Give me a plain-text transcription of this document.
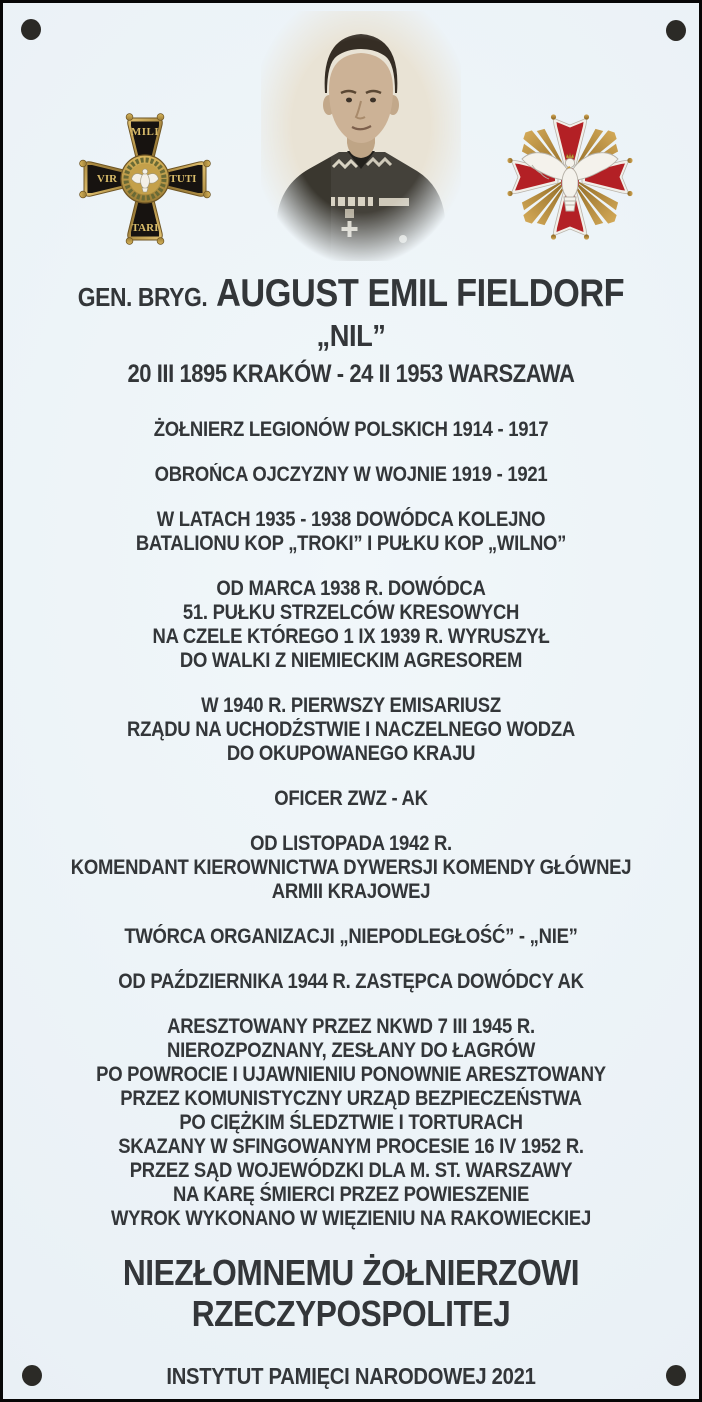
MILI
VIR	TUTI
TARI
GEN. BRYG. AUGUST EMIL FIELDORF
„NIL”
20 III 1895 KRAKÓW - 24 II 1953 WARSZAWA
ŻOŁNIERZ LEGIONÓW POLSKICH 1914 - 1917
OBROŃCA OJCZYZNY W WOJNIE 1919 - 1921
W LATACH 1935 - 1938 DOWÓDCA KOLEJNO
BATALIONU KOP „TROKI” I PUŁKU KOP „WILNO”
OD MARCA 1938 R. DOWÓDCA
51. PUŁKU STRZELCÓW KRESOWYCH
NA CZELE KTÓREGO 1 IX 1939 R. WYRUSZYŁ
DO WALKI Z NIEMIECKIM AGRESOREM
W 1940 R. PIERWSZY EMISARIUSZ
RZĄDU NA UCHODŹSTWIE I NACZELNEGO WODZA
DO OKUPOWANEGO KRAJU
OFICER ZWZ - AK
OD LISTOPADA 1942 R.
KOMENDANT KIEROWNICTWA DYWERSJI KOMENDY GŁÓWNEJ
ARMII KRAJOWEJ
TWÓRCA ORGANIZACJI „NIEPODLEGŁOŚĆ” - „NIE”
OD PAŹDZIERNIKA 1944 R. ZASTĘPCA DOWÓDCY AK
ARESZTOWANY PRZEZ NKWD 7 III 1945 R.
NIEROZPOZNANY, ZESŁANY DO ŁAGRÓW
PO POWROCIE I UJAWNIENIU PONOWNIE ARESZTOWANY
PRZEZ KOMUNISTYCZNY URZĄD BEZPIECZEŃSTWA
PO CIĘŻKIM ŚLEDZTWIE I TORTURACH
SKAZANY W SFINGOWANYM PROCESIE 16 IV 1952 R.
PRZEZ SĄD WOJEWÓDZKI DLA M. ST. WARSZAWY
NA KARĘ ŚMIERCI PRZEZ POWIESZENIE
WYROK WYKONANO W WIĘZIENIU NA RAKOWIECKIEJ
NIEZŁOMNEMU ŻOŁNIERZOWI
RZECZYPOSPOLITEJ
INSTYTUT PAMIĘCI NARODOWEJ 2021
